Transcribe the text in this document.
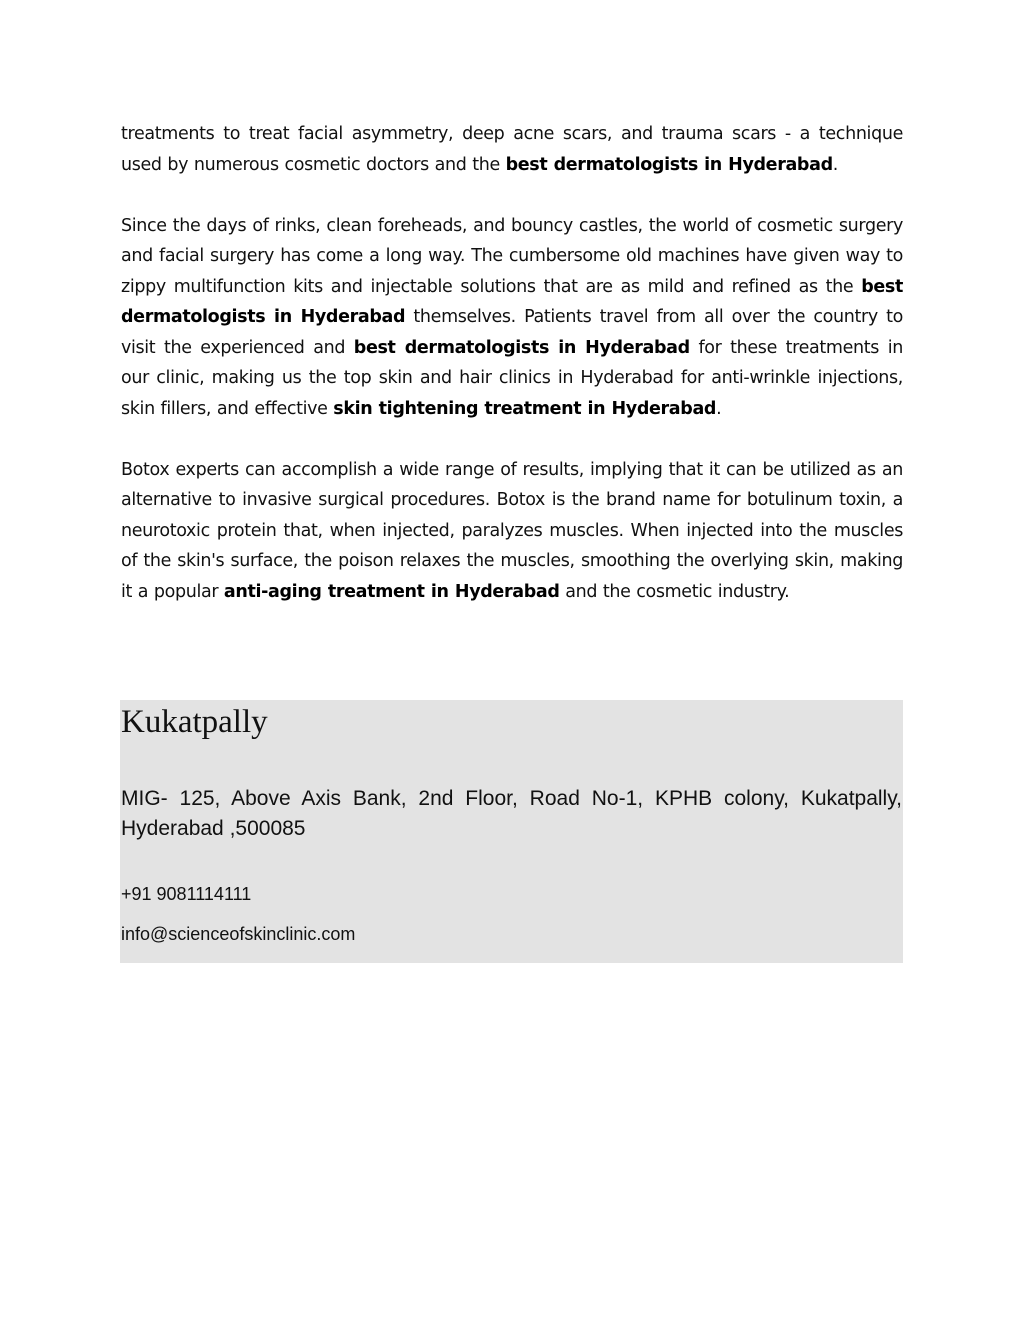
treatments to treat facial asymmetry, deep acne scars, and trauma scars - a technique used by numerous cosmetic doctors and the best dermatologists in Hyderabad.

Since the days of rinks, clean foreheads, and bouncy castles, the world of cosmetic surgery and facial surgery has come a long way. The cumbersome old machines have given way to zippy multifunction kits and injectable solutions that are as mild and refined as the best dermatologists in Hyderabad themselves. Patients travel from all over the country to visit the experienced and best dermatologists in Hyderabad for these treatments in our clinic, making us the top skin and hair clinics in Hyderabad for anti-wrinkle injections, skin fillers, and effective skin tightening treatment in Hyderabad.

Botox experts can accomplish a wide range of results, implying that it can be utilized as an alternative to invasive surgical procedures. Botox is the brand name for botulinum toxin, a neurotoxic protein that, when injected, paralyzes muscles. When injected into the muscles of the skin's surface, the poison relaxes the muscles, smoothing the overlying skin, making it a popular anti-aging treatment in Hyderabad and the cosmetic industry.

Kukatpally

MIG- 125, Above Axis Bank, 2nd Floor, Road No-1, KPHB colony, Kukatpally, Hyderabad ,500085

+91 9081114111

info@scienceofskinclinic.com
